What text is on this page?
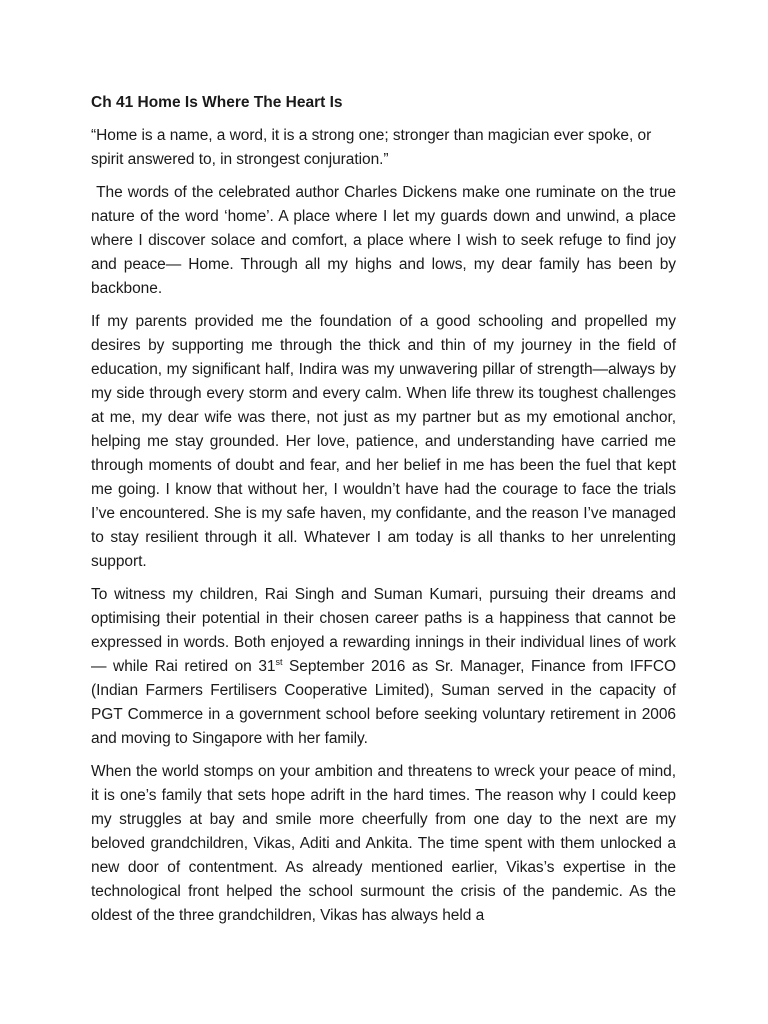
Ch 41 Home Is Where The Heart Is

“Home is a name, a word, it is a strong one; stronger than magician ever spoke, or spirit answered to, in strongest conjuration.”

The words of the celebrated author Charles Dickens make one ruminate on the true nature of the word ‘home’. A place where I let my guards down and unwind, a place where I discover solace and comfort, a place where I wish to seek refuge to find joy and peace— Home. Through all my highs and lows, my dear family has been by backbone.

If my parents provided me the foundation of a good schooling and propelled my desires by supporting me through the thick and thin of my journey in the field of education, my significant half, Indira was my unwavering pillar of strength—always by my side through every storm and every calm. When life threw its toughest challenges at me, my dear wife was there, not just as my partner but as my emotional anchor, helping me stay grounded. Her love, patience, and understanding have carried me through moments of doubt and fear, and her belief in me has been the fuel that kept me going. I know that without her, I wouldn’t have had the courage to face the trials I’ve encountered. She is my safe haven, my confidante, and the reason I’ve managed to stay resilient through it all. Whatever I am today is all thanks to her unrelenting support.

To witness my children, Rai Singh and Suman Kumari, pursuing their dreams and optimising their potential in their chosen career paths is a happiness that cannot be expressed in words. Both enjoyed a rewarding innings in their individual lines of work— while Rai retired on 31st September 2016 as Sr. Manager, Finance from IFFCO (Indian Farmers Fertilisers Cooperative Limited), Suman served in the capacity of PGT Commerce in a government school before seeking voluntary retirement in 2006 and moving to Singapore with her family.

When the world stomps on your ambition and threatens to wreck your peace of mind, it is one’s family that sets hope adrift in the hard times. The reason why I could keep my struggles at bay and smile more cheerfully from one day to the next are my beloved grandchildren, Vikas, Aditi and Ankita. The time spent with them unlocked a new door of contentment. As already mentioned earlier, Vikas’s expertise in the technological front helped the school surmount the crisis of the pandemic. As the oldest of the three grandchildren, Vikas has always held a
